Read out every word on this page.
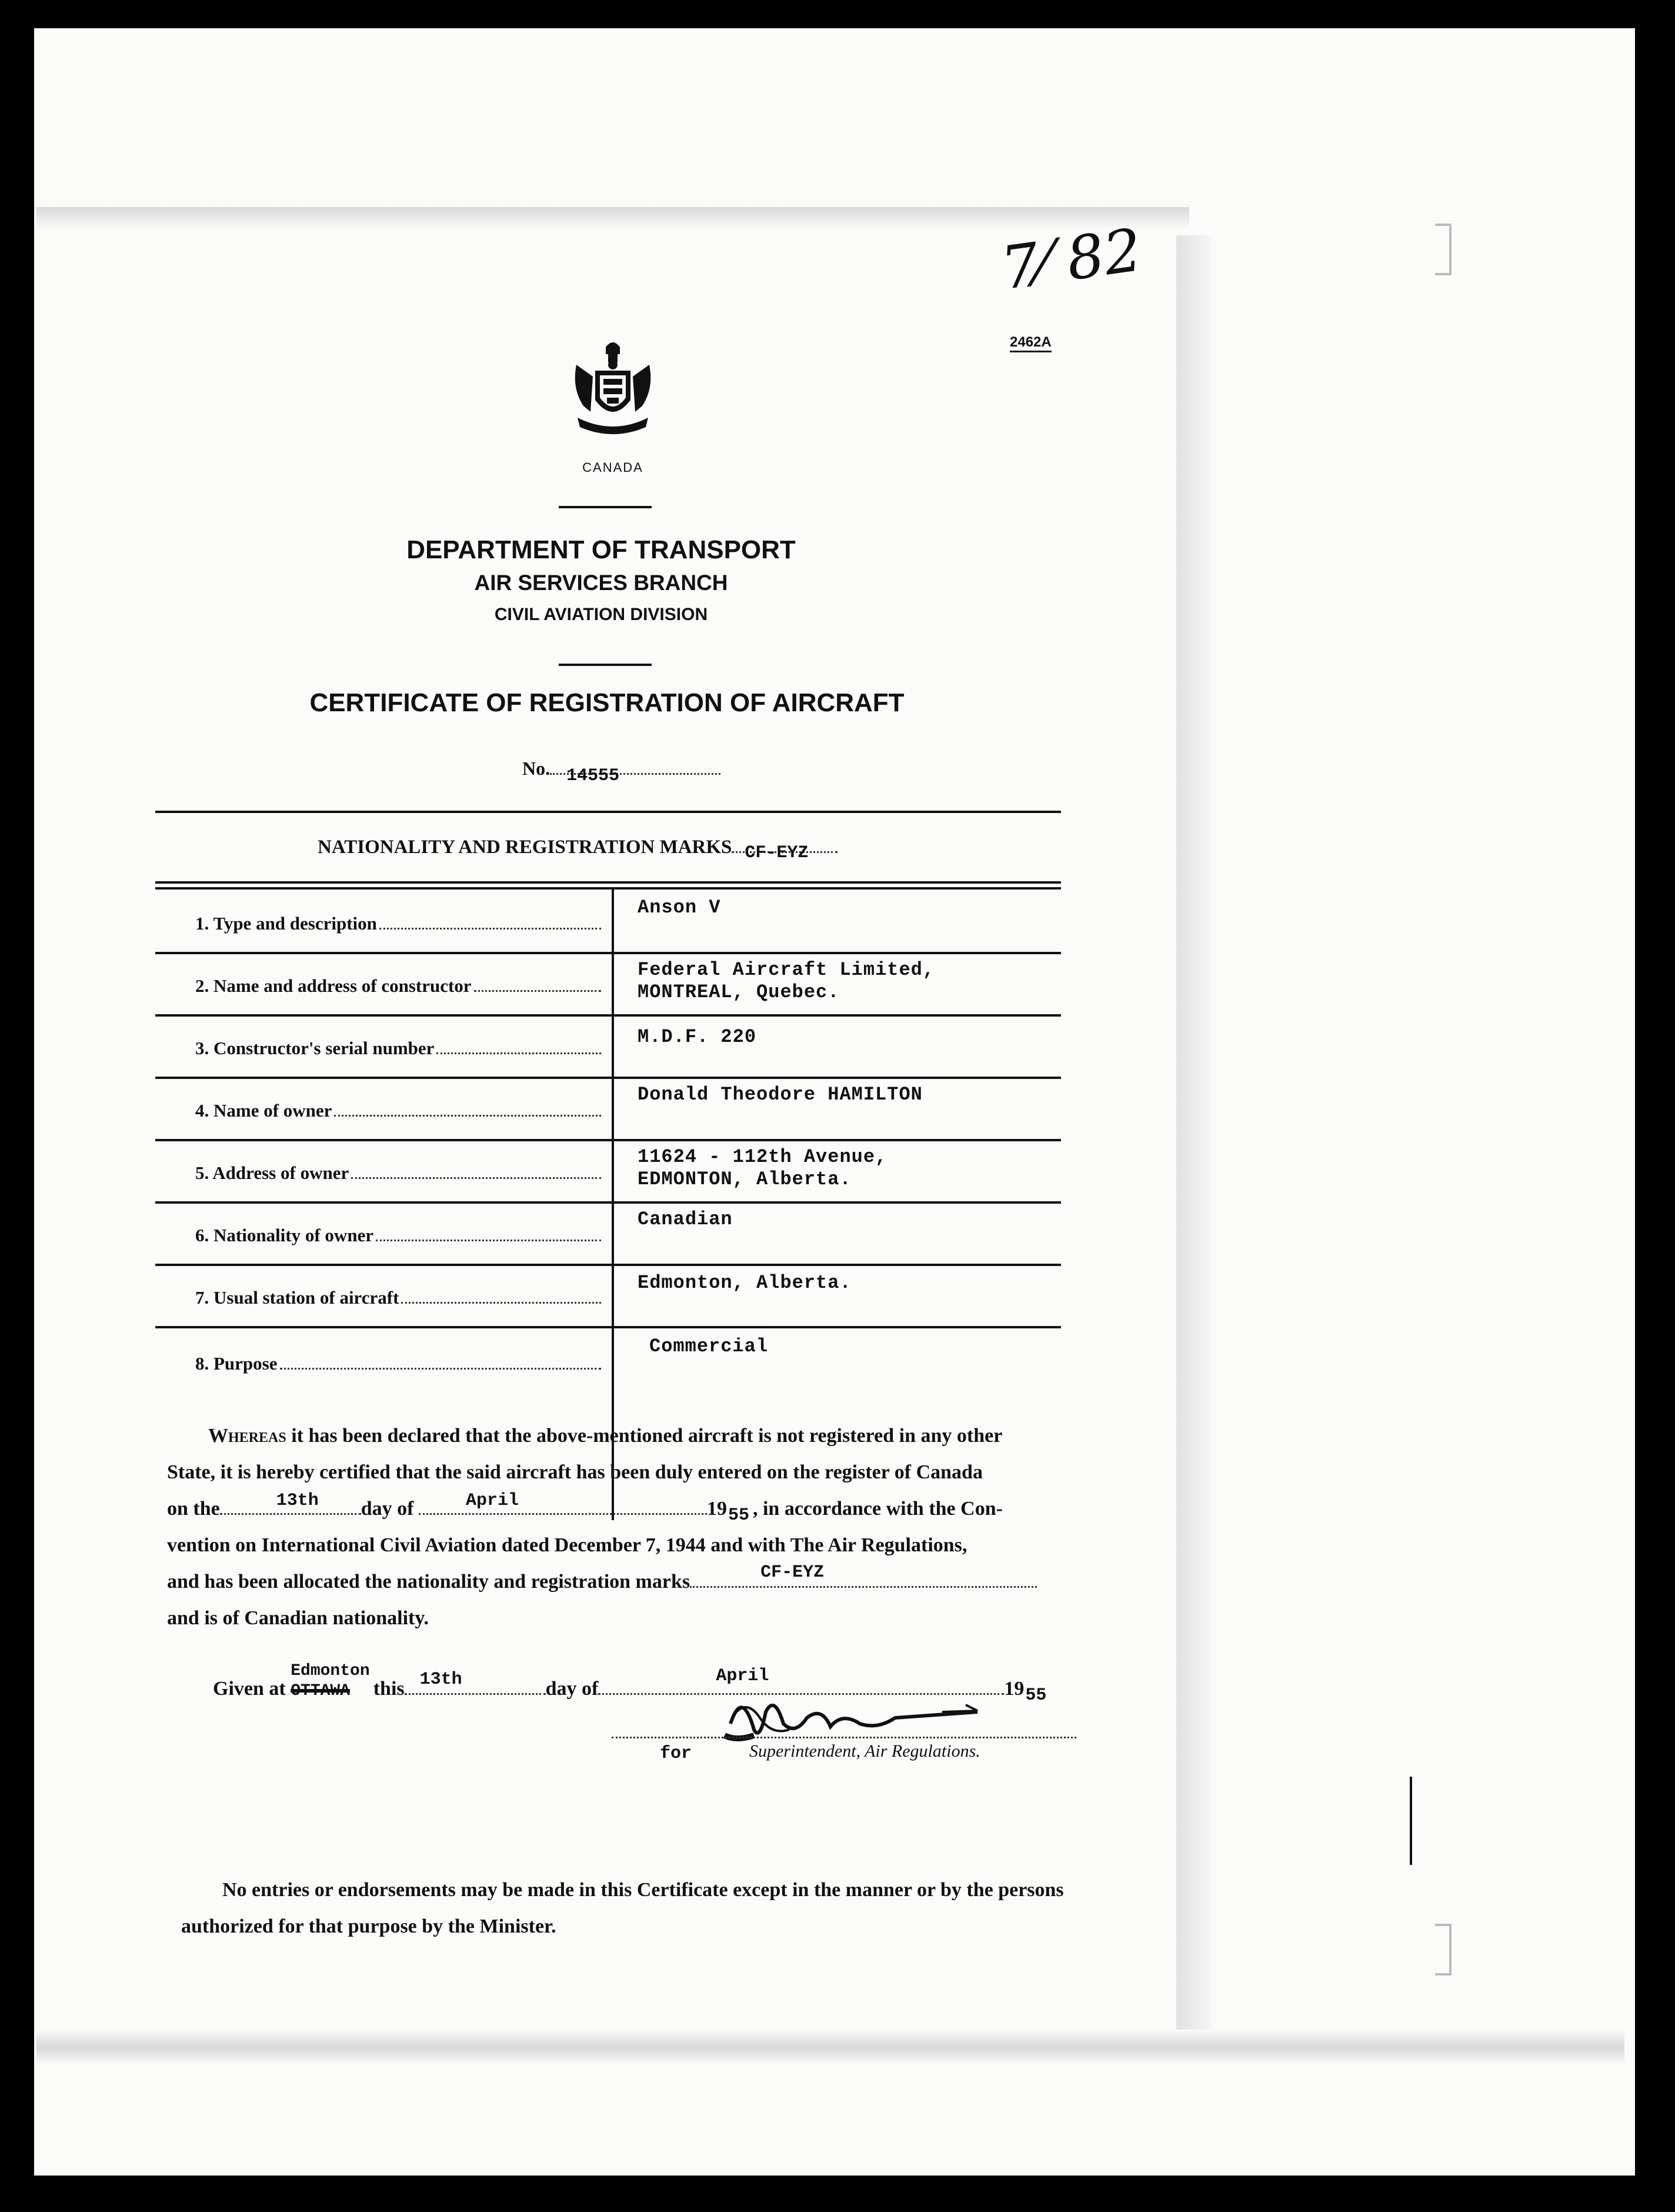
7⁄ 82
2462A
CANADA
DEPARTMENT OF TRANSPORT
AIR SERVICES BRANCH
CIVIL AVIATION DIVISION
CERTIFICATE OF REGISTRATION OF AIRCRAFT
No. 14555
NATIONALITY AND REGISTRATION MARKS CF-EYZ
1. Type and description
Anson V
2. Name and address of constructor
Federal Aircraft Limited,
MONTREAL, Quebec.
3. Constructor's serial number
M.D.F. 220
4. Name of owner
Donald Theodore HAMILTON
5. Address of owner
11624 - 112th Avenue,
EDMONTON, Alberta.
6. Nationality of owner
Canadian
7. Usual station of aircraft
Edmonton, Alberta.
8. Purpose
Commercial
Whereas it has been declared that the above-mentioned aircraft is not registered in any other
State, it is hereby certified that the said aircraft has been duly entered on the register of Canada
on the	13th day of	April	19 55 , in accordance with the Con-
vention on International Civil Aviation dated December 7, 1944 and with The Air Regulations,
and has been allocated the nationality and registration marks	CF-EYZ
and is of Canadian nationality.
Given at
Edmonton
OTTAWA this 13th	day of
April
19 55
for	Superintendent, Air Regulations.
No entries or endorsements may be made in this Certificate except in the manner or by the persons
authorized for that purpose by the Minister.
